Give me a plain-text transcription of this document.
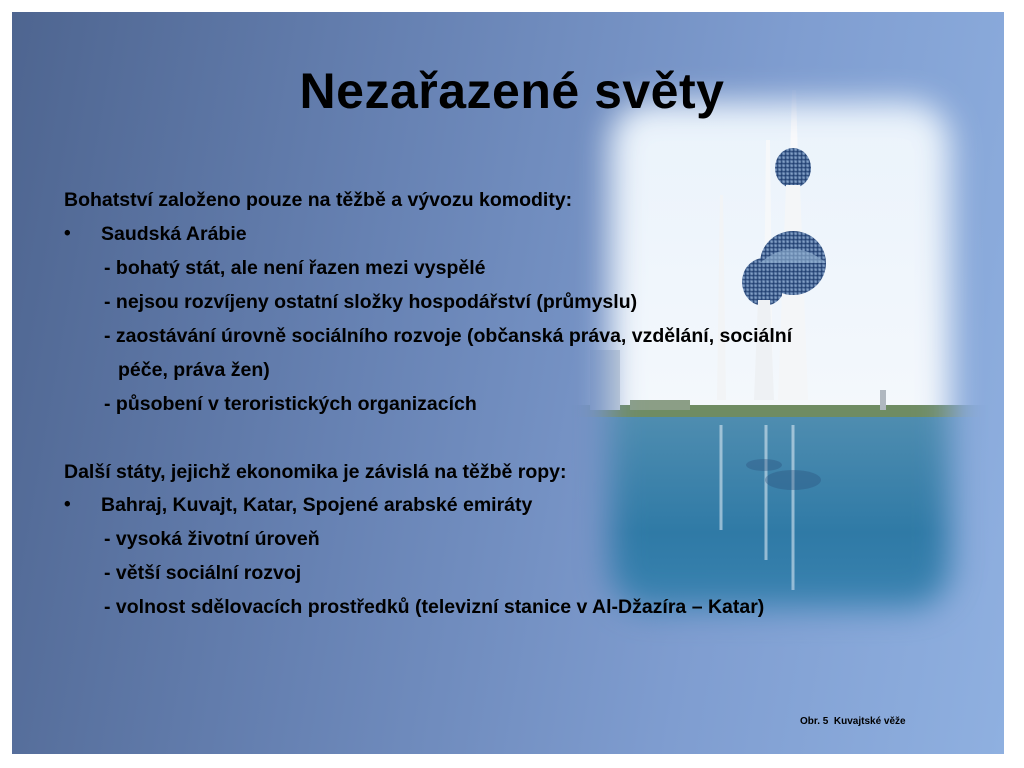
Nezařazené světy
Bohatství založeno pouze na těžbě a vývozu komodity:
• Saudská Arábie
- bohatý stát, ale není řazen mezi vyspělé
- nejsou rozvíjeny ostatní složky hospodářství (průmyslu)
- zaostávání úrovně sociálního rozvoje (občanská práva, vzdělání, sociální
péče, práva žen)
- působení v teroristických organizacích
Další státy, jejichž ekonomika je závislá na těžbě ropy:
• Bahraj, Kuvajt, Katar, Spojené arabské emiráty
- vysoká životní úroveň
- větší sociální rozvoj
- volnost sdělovacích prostředků (televizní stanice v Al-Džazíra – Katar)
Obr. 5  Kuvajtské věže
